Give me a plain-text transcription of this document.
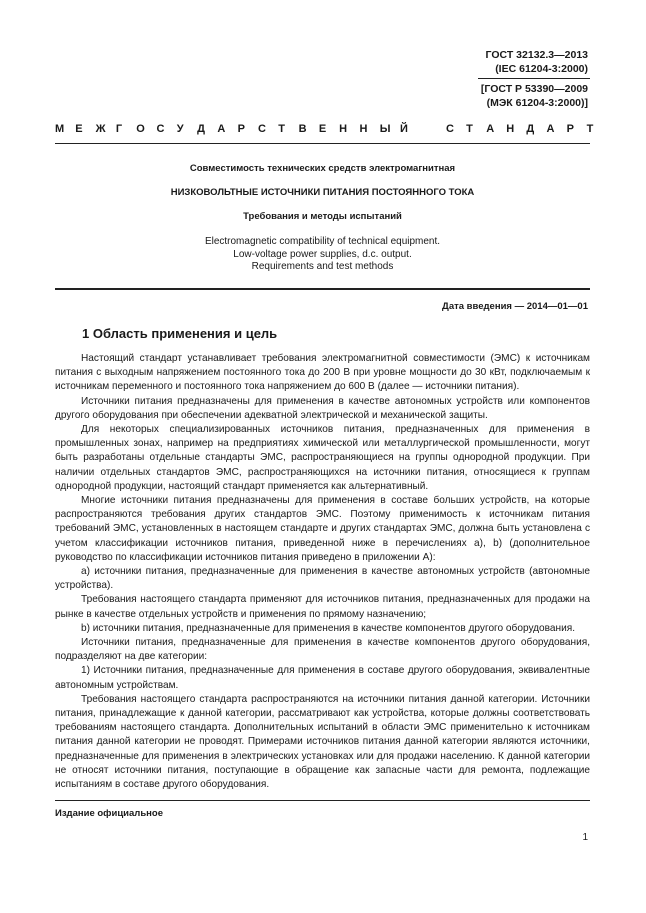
ГОСТ 32132.3—2013
(IEC 61204-3:2000)
[ГОСТ Р 53390—2009
(МЭК 61204-3:2000)]
М Е Ж Г О С У Д А Р С Т В Е Н Н Ы Й	С Т А Н Д А Р Т
Совместимость технических средств электромагнитная
НИЗКОВОЛЬТНЫЕ ИСТОЧНИКИ ПИТАНИЯ ПОСТОЯННОГО ТОКА
Требования и методы испытаний
Electromagnetic compatibility of technical equipment.
Low-voltage power supplies, d.c. output.
Requirements and test methods
Дата введения — 2014—01—01
1 Область применения и цель

Настоящий стандарт устанавливает требования электромагнитной совместимости (ЭМС) к источникам питания с выходным напряжением постоянного тока до 200 В при уровне мощности до 30 кВт, подключаемым к источникам переменного и постоянного тока напряжением до 600 В (далее — источники питания).

Источники питания предназначены для применения в качестве автономных устройств или компонентов другого оборудования при обеспечении адекватной электрической и механической защиты.

Для некоторых специализированных источников питания, предназначенных для применения в промышленных зонах, например на предприятиях химической или металлургической промышленности, могут быть разработаны отдельные стандарты ЭМС, распространяющиеся на группы однородной продукции. При наличии отдельных стандартов ЭМС, распространяющихся на источники питания, относящиеся к группам однородной продукции, настоящий стандарт применяется как альтернативный.

Многие источники питания предназначены для применения в составе больших устройств, на которые распространяются требования других стандартов ЭМС. Поэтому применимость к источникам питания требований ЭМС, установленных в настоящем стандарте и других стандартах ЭМС, должна быть установлена с учетом классификации источников питания, приведенной ниже в перечислениях а), b) (дополнительное руководство по классификации источников питания приведено в приложении А):

а) источники питания, предназначенные для применения в качестве автономных устройств (автономные устройства).

Требования настоящего стандарта применяют для источников питания, предназначенных для продажи на рынке в качестве отдельных устройств и применения по прямому назначению;

b) источники питания, предназначенные для применения в качестве компонентов другого оборудования.

Источники питания, предназначенные для применения в качестве компонентов другого оборудования, подразделяют на две категории:

1) Источники питания, предназначенные для применения в составе другого оборудования, эквивалентные автономным устройствам.

Требования настоящего стандарта распространяются на источники питания данной категории. Источники питания, принадлежащие к данной категории, рассматривают как устройства, которые должны соответствовать требованиям настоящего стандарта. Дополнительных испытаний в области ЭМС применительно к источникам питания данной категории не проводят. Примерами источников питания данной категории являются источники, предназначенные для применения в электрических установках или для продажи населению. К данной категории не относят источники питания, поступающие в обращение как запасные части для ремонта, подлежащие испытаниям в составе другого оборудования.

Издание официальное
1
